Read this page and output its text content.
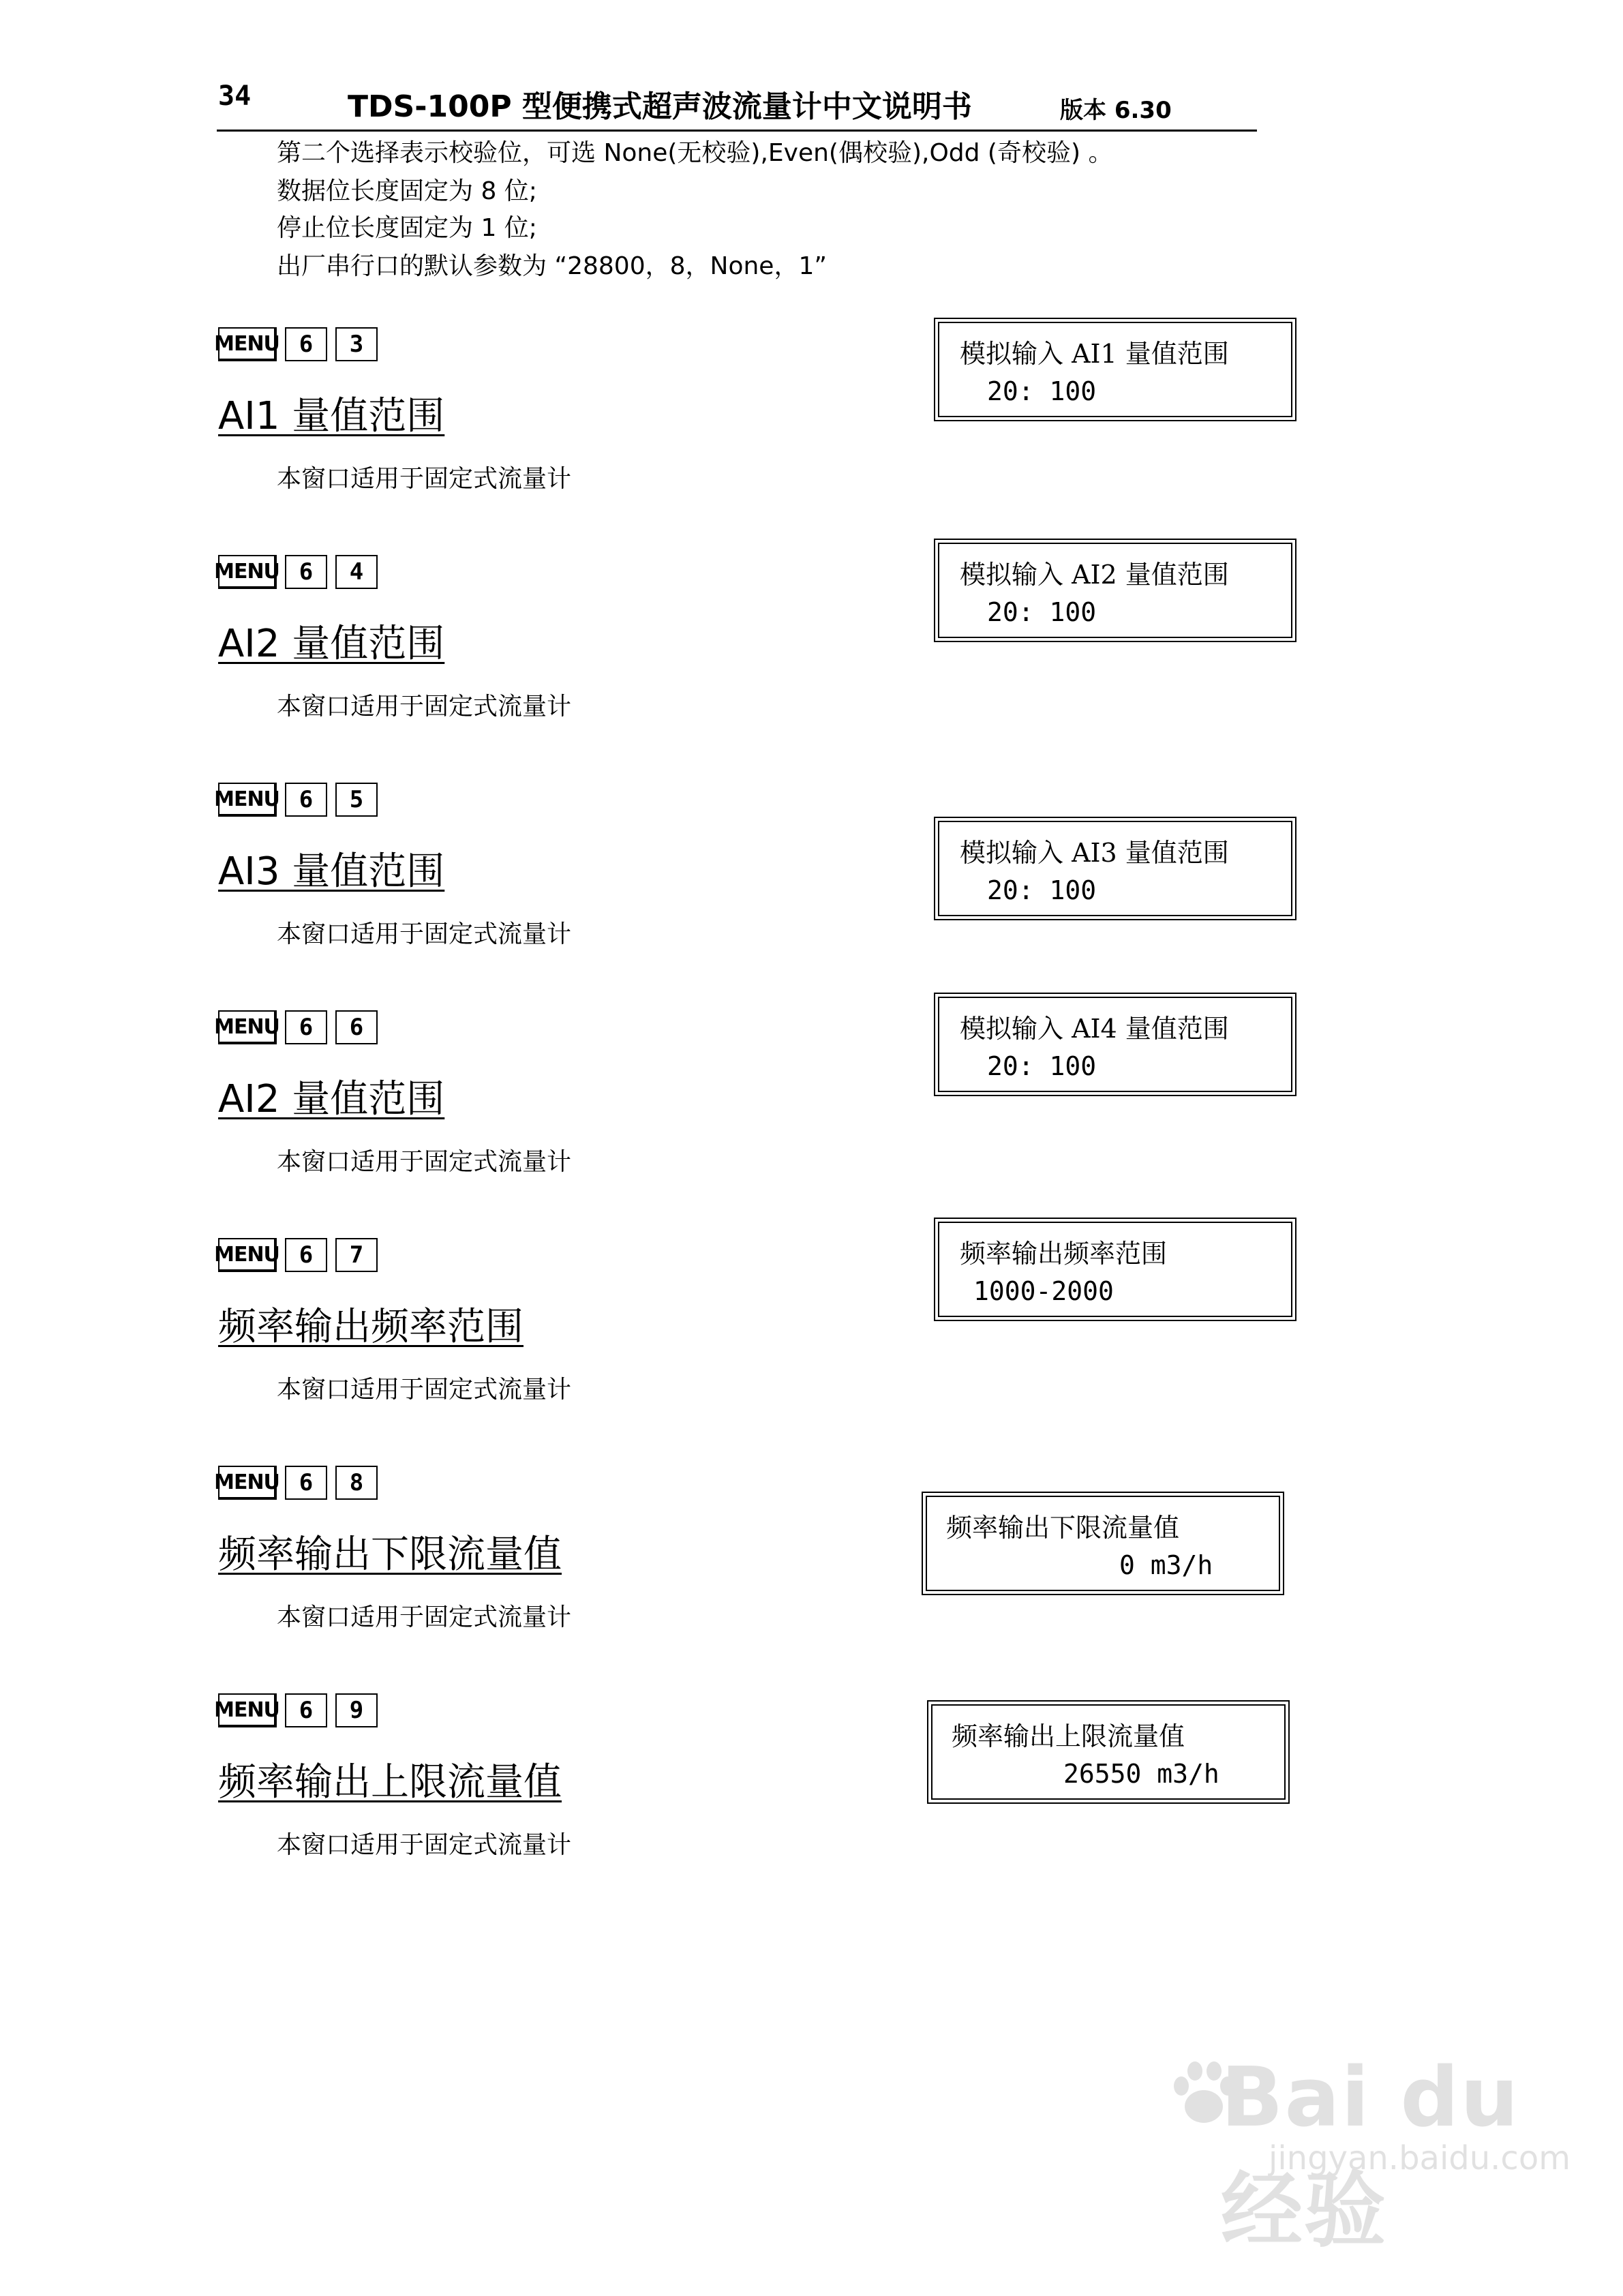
34	TDS-100P 型便携式超声波流量计中文说明书	版本 6.30
第二个选择表示校验位，可选 None(无校验),Even(偶校验),Odd (奇校验) 。
数据位长度固定为 8 位;
停止位长度固定为 1 位;
出厂串行口的默认参数为 “28800，8，None，1”
MENU 6	3
AI1 量值范围
本窗口适用于固定式流量计
模拟输入 AI1 量值范围
20: 100
MENU 6	4
AI2 量值范围
本窗口适用于固定式流量计
模拟输入 AI2 量值范围
20: 100
MENU 6	5
AI3 量值范围
本窗口适用于固定式流量计
模拟输入 AI3 量值范围
20: 100
MENU 6	6
AI2 量值范围
本窗口适用于固定式流量计
模拟输入 AI4 量值范围
20: 100
MENU 6	7
频率输出频率范围
本窗口适用于固定式流量计
频率输出频率范围
1000-2000
MENU 6	8
频率输出下限流量值
本窗口适用于固定式流量计
频率输出下限流量值
0 m3/h
MENU 6	9
频率输出上限流量值
本窗口适用于固定式流量计
频率输出上限流量值
26550 m3/h
Bai du 经验
jingyan.baidu.com
